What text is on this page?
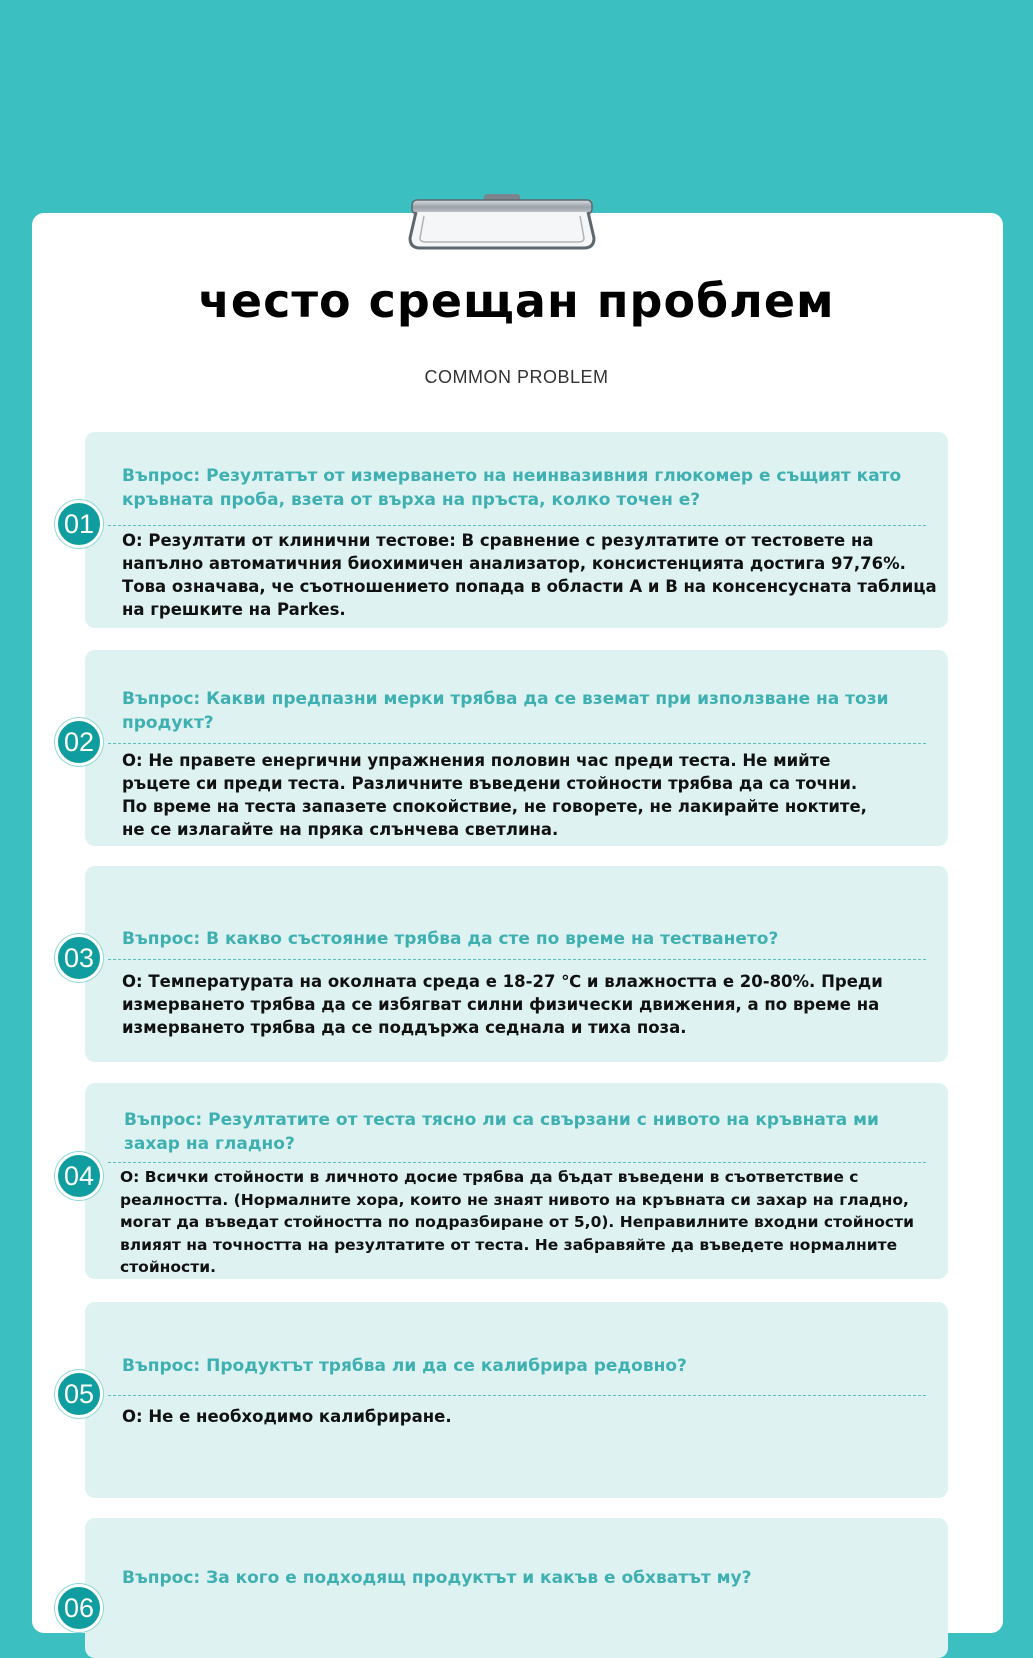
често срещан проблем
COMMON PROBLEM
01
Въпрос: Резултатът от измерването на неинвазивния глюкомер е същият като кръвната проба, взета от върха на пръста, колко точен е?
О: Резултати от клинични тестове: В сравнение с резултатите от тестовете на напълно автоматичния биохимичен анализатор, консистенцията достига 97,76%. Това означава, че съотношението попада в области A и B на консенсусната таблица на грешките на Parkes.
02
Въпрос: Какви предпазни мерки трябва да се вземат при използване на този продукт?
О: Не правете енергични упражнения половин час преди теста. Не мийте ръцете си преди теста. Различните въведени стойности трябва да са точни. По време на теста запазете спокойствие, не говорете, не лакирайте ноктите, не се излагайте на пряка слънчева светлина.
03
Въпрос: В какво състояние трябва да сте по време на тестването?
О: Температурата на околната среда е 18-27 ℃ и влажността е 20-80%. Преди измерването трябва да се избягват силни физически движения, а по време на измерването трябва да се поддържа седнала и тиха поза.
04
Въпрос: Резултатите от теста тясно ли са свързани с нивото на кръвната ми захар на гладно?
О: Всички стойности в личното досие трябва да бъдат въведени в съответствие с реалността. (Нормалните хора, които не знаят нивото на кръвната си захар на гладно, могат да въведат стойността по подразбиране от 5,0). Неправилните входни стойности влияят на точността на резултатите от теста. Не забравяйте да въведете нормалните стойности.
05
Въпрос: Продуктът трябва ли да се калибрира редовно?
О: Не е необходимо калибриране.
06
Въпрос: За кого е подходящ продуктът и какъв е обхватът му?
